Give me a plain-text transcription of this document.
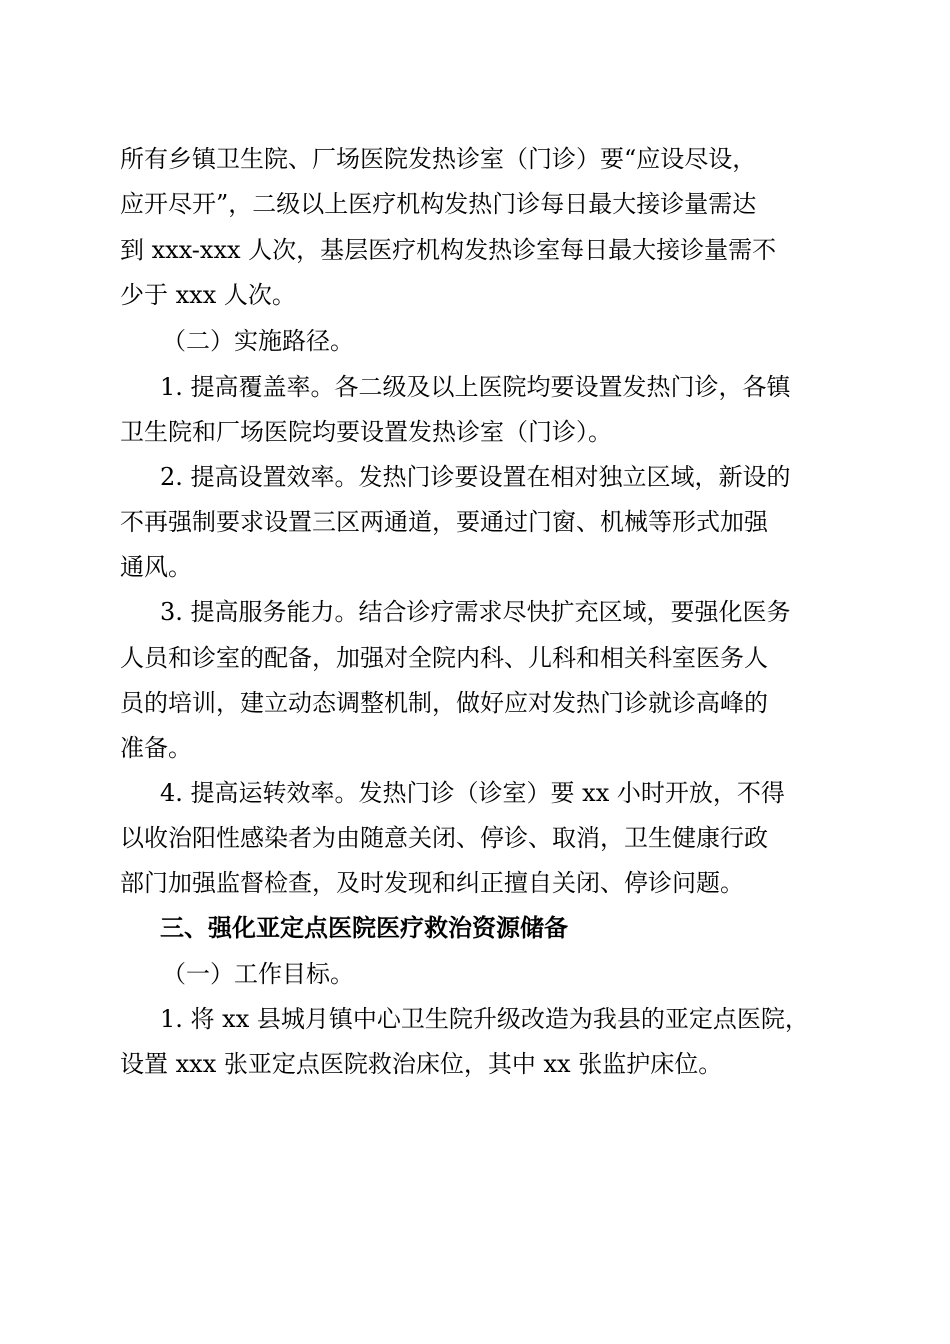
所有乡镇卫生院、厂场医院发热诊室（门诊）要“应设尽设，
应开尽开”，二级以上医疗机构发热门诊每日最大接诊量需达
到 xxx-xxx 人次，基层医疗机构发热诊室每日最大接诊量需不
少于 xxx 人次。
（二）实施路径。
1. 提高覆盖率。各二级及以上医院均要设置发热门诊，各镇
卫生院和厂场医院均要设置发热诊室（门诊）。
2. 提高设置效率。发热门诊要设置在相对独立区域，新设的
不再强制要求设置三区两通道，要通过门窗、机械等形式加强
通风。
3. 提高服务能力。结合诊疗需求尽快扩充区域，要强化医务
人员和诊室的配备，加强对全院内科、儿科和相关科室医务人
员的培训，建立动态调整机制，做好应对发热门诊就诊高峰的
准备。
4. 提高运转效率。发热门诊（诊室）要 xx 小时开放，不得
以收治阳性感染者为由随意关闭、停诊、取消，卫生健康行政
部门加强监督检查，及时发现和纠正擅自关闭、停诊问题。
三、强化亚定点医院医疗救治资源储备
（一）工作目标。
1. 将 xx 县城月镇中心卫生院升级改造为我县的亚定点医院，
设置 xxx 张亚定点医院救治床位，其中 xx 张监护床位。
